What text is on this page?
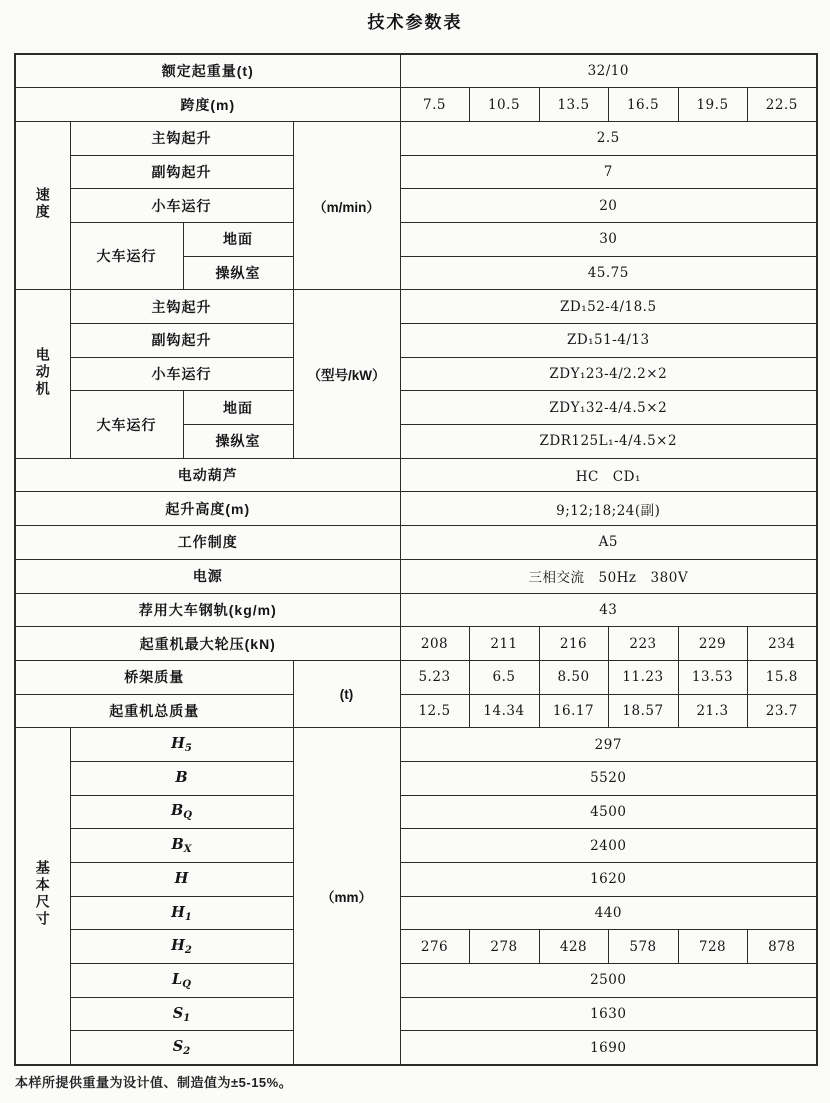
技术参数表
额定起重量(t)				32/10					
跨度(m)				7.5	10.5	13.5	16.5	19.5	22.5
速度	主钩起升		（m/min）	2.5					
	副钩起升			7					
	小车运行			20					
	大车运行	地面		30					
		操纵室		45.75					
电动机	主钩起升		（型号/kW）	ZD₁52-4/18.5					
	副钩起升			ZD₁51-4/13					
	小车运行			ZDY₁23-4/2.2×2					
	大车运行	地面		ZDY₁32-4/4.5×2					
		操纵室		ZDR125L₁-4/4.5×2					
电动葫芦				HC　CD₁					
起升高度(m)				9;12;18;24(副)					
工作制度				A5					
电源				三相交流　50Hz　380V					
荐用大车钢轨(kg/m)				43					
起重机最大轮压(kN)				208	211	216	223	229	234
桥架质量			(t)	5.23	6.5	8.50	11.23	13.53	15.8
起重机总质量				12.5	14.34	16.17	18.57	21.3	23.7
基本尺寸	$H_5$		（mm）	297					
	B			5520					
	$B_Q$			4500					
	$B_X$			2400					
	H			1620					
	$H_1$			440					
	$H_2$			276	278	428	578	728	878
	$L_Q$			2500					
	$S_1$			1630					
	$S_2$			1690					
本样所提供重量为设计值、制造值为±5-15%。
